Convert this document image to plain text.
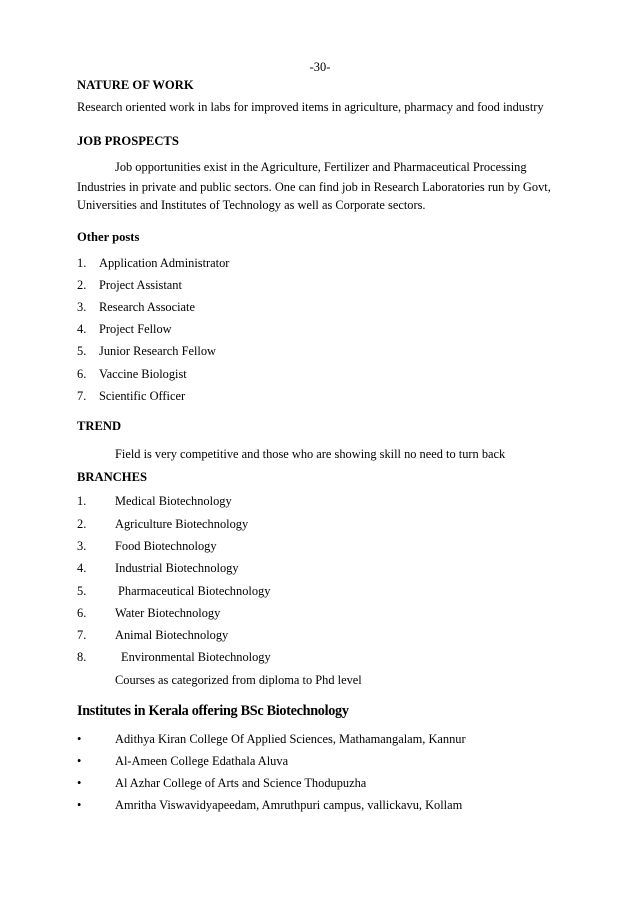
-30-
NATURE OF WORK
Research oriented work in labs for improved items in agriculture, pharmacy and food industry
JOB PROSPECTS
Job opportunities exist in the Agriculture, Fertilizer and Pharmaceutical Processing
Industries in private and public sectors. One can find job in Research Laboratories run by Govt,
Universities and Institutes of Technology as well as Corporate sectors.
Other posts
1. Application Administrator
2. Project Assistant
3. Research Associate
4. Project Fellow
5. Junior Research Fellow
6. Vaccine Biologist
7. Scientific Officer
TREND
Field is very competitive and those who are showing skill no need to turn back
BRANCHES
1. Medical Biotechnology
2. Agriculture Biotechnology
3. Food Biotechnology
4. Industrial Biotechnology
5.	Pharmaceutical Biotechnology
6. Water Biotechnology
7. Animal Biotechnology
8.	Environmental Biotechnology
Courses as categorized from diploma to Phd level
Institutes in Kerala offering BSc Biotechnology
•	Adithya Kiran College Of Applied Sciences, Mathamangalam, Kannur
•	Al-Ameen College Edathala Aluva
•	Al Azhar College of Arts and Science Thodupuzha
•	Amritha Viswavidyapeedam, Amruthpuri campus, vallickavu, Kollam
